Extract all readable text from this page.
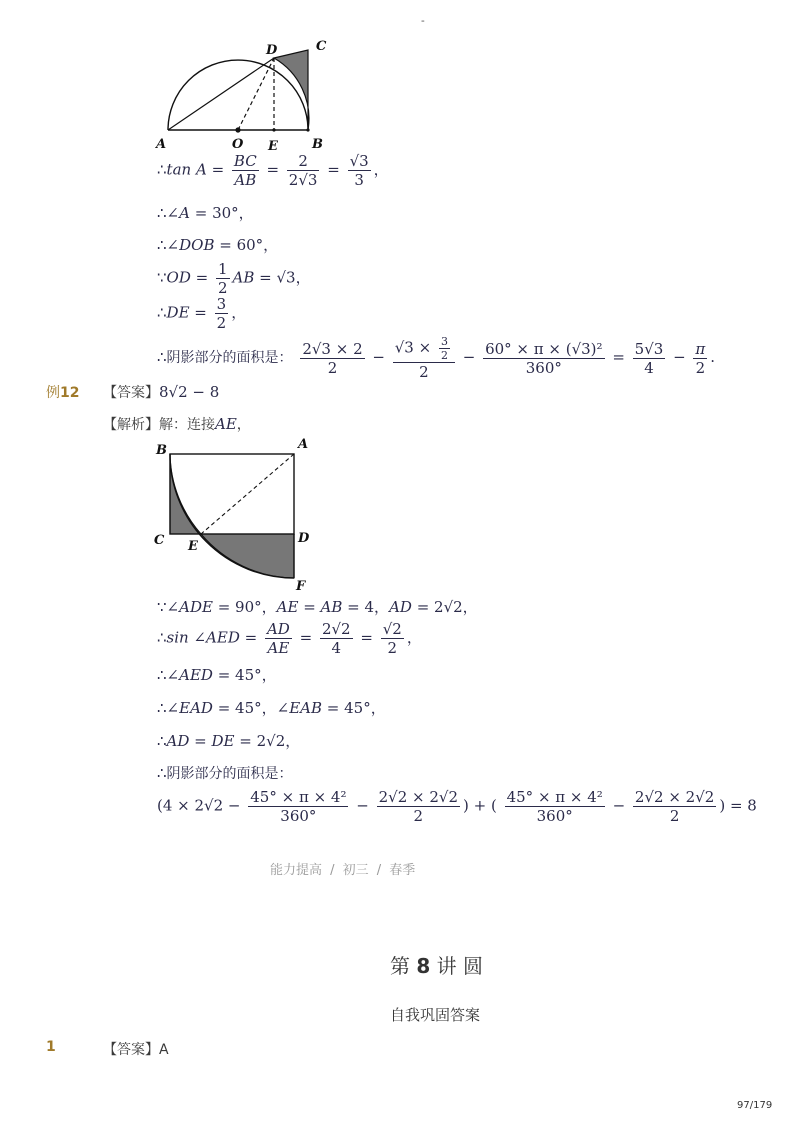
-
A	O E	B
D	C
∴tan $A = \frac{BC}{AB} = \frac{2}{2√3} = \frac{√3}{3}$ ，
∴∠A = 30°，
∴∠DOB = 60°，
∵OD = $\frac{1}{2}$ AB = √3，
∴DE = $\frac{3}{2}$ ，
∴阴影部分的面积是： $\frac{2√3 \times 2}{2} - \frac{√3 \times \frac{3}{2}}{2} - \frac{\text{60° × π × (√3)²}}{360^\circ} = \frac{5√3}{4} - \frac{\pi}{2}$ .
例12 【答案】8√2 − 8
【解析】解：连接AE，
B	A
C E
D
F
∵∠ADE = 90°，AE = AB = 4，AD = 2√2，
∴sin ∠AED = $\frac{AD}{AE} = \frac{2√2}{4} = \frac{√2}{2}$ ，
∴∠AED = 45°，
∴∠EAD = 45°，∠EAB = 45°，
∴AD = DE = 2√2，
∴阴影部分的面积是：
($4 \times 2√2 - \frac{\text{45° × π × 4²}}{360^\circ} - \frac{2√2 \times 2√2}{2}$ ) + ( $\frac{\text{45° × π × 4²}}{360^\circ} - \frac{2√2 \times 2√2}{2}$ ) = 8
能力提高 / 初三 / 春季
第 8 讲 圆
自我巩固答案
1	【答案】A
97/179
